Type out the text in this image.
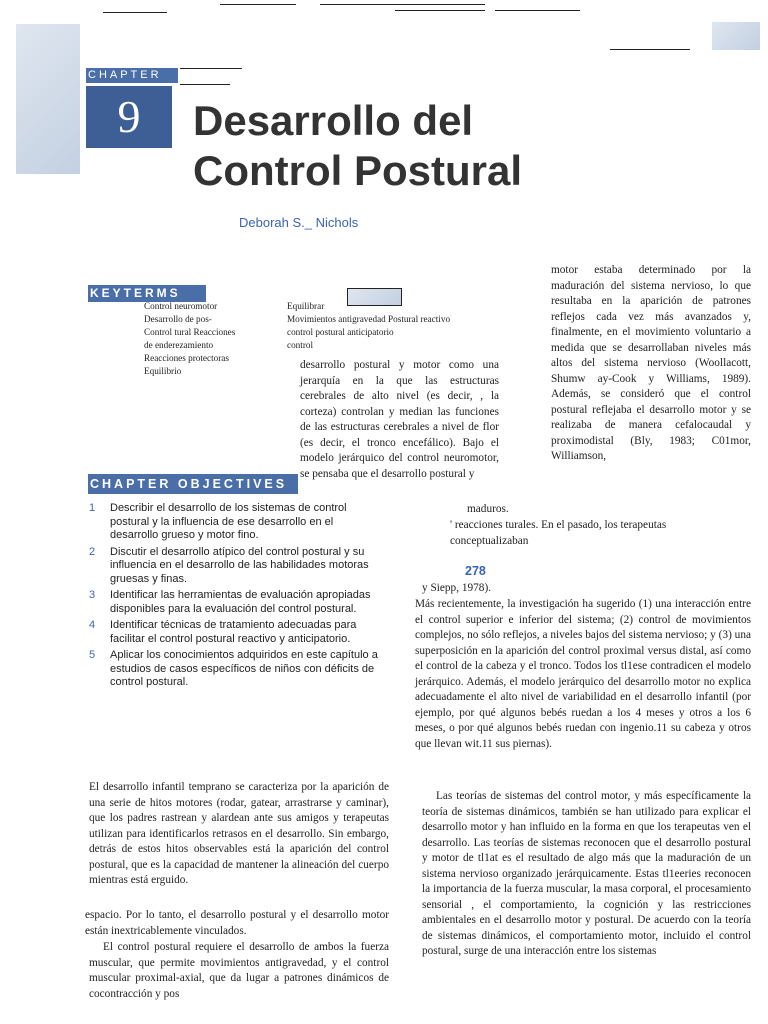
CHAPTER
9	Desarrollo del
Control Postural
Deborah S._ Nichols
KEYTERMS
Control neuromotor
Desarrollo de pos-
Control tural Reacciones
de enderezamiento
Reacciones protectoras
Equilibrio
Equilibrar
Movimientos antigravedad Postural reactivo
control postural anticipatorio
control
desarrollo postural y motor como una jerarquía en la que las estructuras cerebrales de alto nivel (es decir, , la corteza) controlan y median las funciones de las estructuras cerebrales a nivel de flor (es decir, el tronco encefálico). Bajo el modelo jerárquico del control neuromotor, se pensaba que el desarrollo postural y
maduros.
motor estaba determinado por la maduración del sistema nervioso, lo que resultaba en la aparición de patrones reflejos cada vez más avanzados y, finalmente, en el movimiento voluntario a medida que se desarrollaban niveles más altos del sistema nervioso (Woollacott, Shumw ay-Cook y Williams, 1989). Además, se consideró que el control postural reflejaba el desarrollo motor y se realizaba de manera cefalocaudal y proximodistal (Bly, 1983; C01mor, Williamson,
CHAPTER OBJECTIVES
1 Describir el desarrollo de los sistemas de control postural y la influencia de ese desarrollo en el desarrollo grueso y motor fino.
2 Discutir el desarrollo atípico del control postural y su influencia en el desarrollo de las habilidades motoras gruesas y finas.
3 Identificar las herramientas de evaluación apropiadas disponibles para la evaluación del control postural.
4 Identificar técnicas de tratamiento adecuadas para facilitar el control postural reactivo y anticipatorio.
5 Aplicar los conocimientos adquiridos en este capítulo a estudios de casos específicos de niños con déficits de control postural.
' reacciones turales. En el pasado, los terapeutas
conceptualizaban
278
y Siepp, 1978).
Más recientemente, la investigación ha sugerido (1) una interacción entre el control superior e inferior del sistema; (2) control de movimientos complejos, no sólo reflejos, a niveles bajos del sistema nervioso; y (3) una superposición en la aparición del control proximal versus distal, así como el control de la cabeza y el tronco. Todos los tl1ese contradicen el modelo jerárquico. Además, el modelo jerárquico del desarrollo motor no explica adecuadamente el alto nivel de variabilidad en el desarrollo infantil (por ejemplo, por qué algunos bebés ruedan a los 4 meses y otros a los 6 meses, o por qué algunos bebés ruedan con ingenio.11 su cabeza y otros que llevan wit.11 sus piernas).
Las teorías de sistemas del control motor, y más específicamente la teoría de sistemas dinámicos, también se han utilizado para explicar el desarrollo motor y han influido en la forma en que los terapeutas ven el desarrollo. Las teorías de sistemas reconocen que el desarrollo postural y motor de tl1at es el resultado de algo más que la maduración de un sistema nervioso organizado jerárquicamente. Estas tl1eeries reconocen la importancia de la fuerza muscular, la masa corporal, el procesamiento sensorial , el comportamiento, la cognición y las restricciones ambientales en el desarrollo motor y postural. De acuerdo con la teoría de sistemas dinámicos, el comportamiento motor, incluido el control postural, surge de una interacción entre los sistemas
El desarrollo infantil temprano se caracteriza por la aparición de una serie de hitos motores (rodar, gatear, arrastrarse y caminar), que los padres rastrean y alardean ante sus amigos y terapeutas utilizan para identificarlos retrasos en el desarrollo. Sin embargo, detrás de estos hitos observables está la aparición del control postural, que es la capacidad de mantener la alineación del cuerpo mientras está erguido.
espacio. Por lo tanto, el desarrollo postural y el desarrollo motor están inextricablemente vinculados.
El control postural requiere el desarrollo de ambos la fuerza muscular, que permite movimientos antigravedad, y el control muscular proximal-axial, que da lugar a patrones dinámicos de cocontracción y pos
